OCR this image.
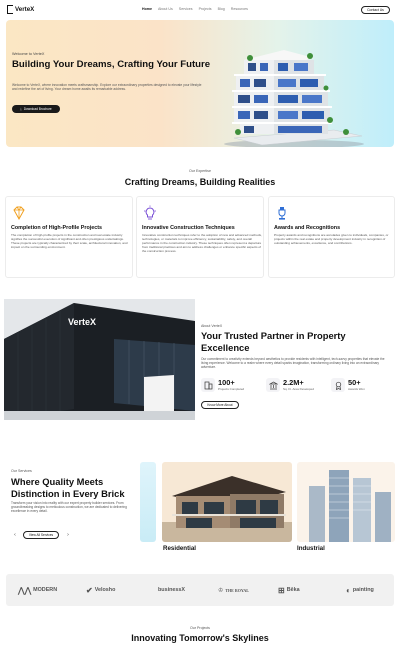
VerteX	Home About Us Services Projects Blog Resources	Contact Us
Welcome to VerteX
Building Your Dreams, Crafting Your Future
Welcome to VerteX, where innovation meets craftsmanship. Explore our extraordinary properties designed to elevate your lifestyle and redefine the art of living. Your dream home awaits its remarkable address.
⤓ Download Brochure
Our Expertise
Crafting Dreams, Building Realities
Completion of High-Profile Projects
The completion of high-profile projects in the construction and real estate industry signifies the successful execution of significant and often prestigious undertakings. These projects are typically characterized by their scale, architectural innovation, and impact on the surrounding environment.
Innovative Construction Techniques
Innovative construction techniques refer to the adoption of new and advanced methods, technologies, or materials to improve efficiency, sustainability, safety, and overall performance in the construction industry. These techniques often represent a departure from traditional practices and aim to address challenges or enhance specific aspects of the construction process.
Awards and Recognitions
Property awards and recognitions are accolades given to individuals, companies, or projects within the real estate and property development industry in recognition of outstanding achievements, excellence, and contributions.
VerteX	About VerteX
Your Trusted Partner in Property Excellence
Our commitment to creativity extends beyond aesthetics to provide residents with intelligent, tech-savvy properties that elevate the living experience. Welcome to a realm where every detail sparks imagination, transforming ordinary living into an extraordinary adventure.
100+
Projects Completed
2.2M+
Sq. Ft. Area Developed
50+
Awards Won
Know More About
Our Services
Where Quality Meets Distinction in Every Brick
Transform your vision into reality with our expert property builder services. From groundbreaking designs to meticulous construction, we are dedicated to delivering excellence in every detail.
‹	View All Services	›
Residential	Industrial
⋀⋀ MODERN	✔ Velosho	businessX	♔ THE ROYAL	⊞ Bēka	◐ painting
Our Projects
Innovating Tomorrow's Skylines
